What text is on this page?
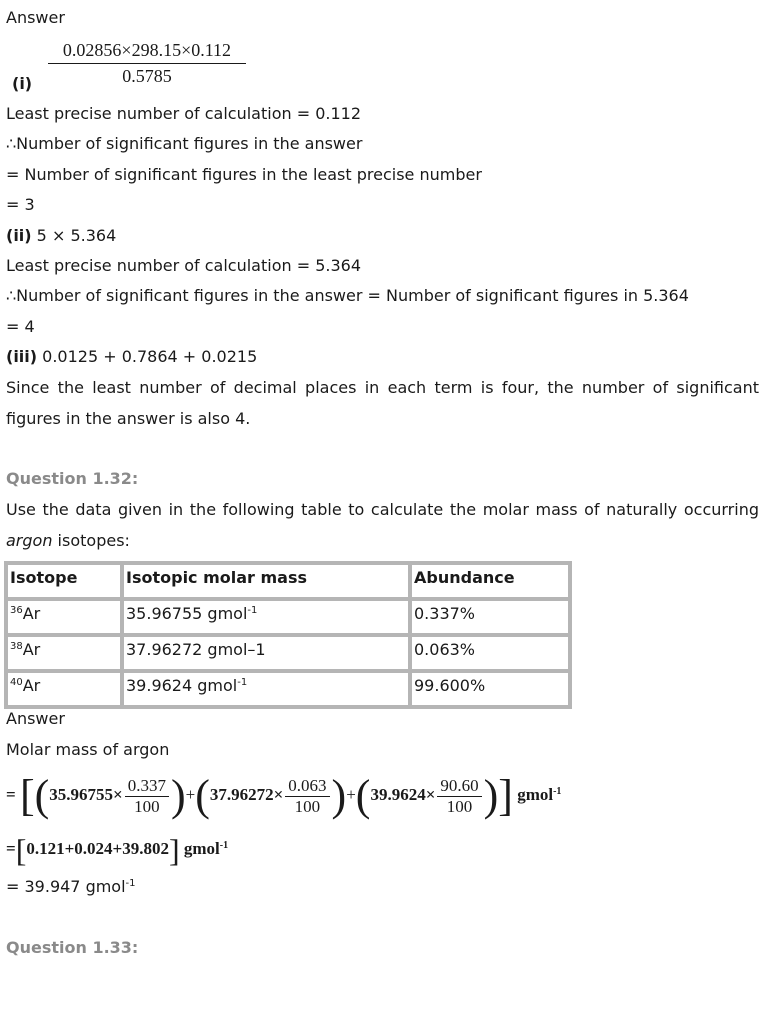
Answer
$\frac{0.02856\times 298.15\times 0.112}{0.5785}$
(i)
Least precise number of calculation = 0.112
∴Number of significant figures in the answer
= Number of significant figures in the least precise number
= 3
(ii) 5 × 5.364
Least precise number of calculation = 5.364
∴Number of significant figures in the answer = Number of significant figures in 5.364
= 4
(iii) 0.0125 + 0.7864 + 0.0215
Since the least number of decimal places in each term is four, the number of significant figures in the answer is also 4.
Question 1.32:
Use the data given in the following table to calculate the molar mass of naturally occurring argon isotopes:
Isotope	Isotopic molar mass	Abundance
$^{36}$Ar	35.96755 gmol$^{-1}$	0.337%
$^{38}$Ar	37.96272 gmol–1	0.063%
$^{40}$Ar	39.9624 gmol$^{-1}$	99.600%
Answer
Molar mass of argon
= [$(35.96755\times \frac{0.337}{100} )+(37.96272\times \frac{0.063}{100} )+(39.9624\times \frac{90.60}{100}$ )] gmol$^{-1}$
=[0.121+0.024+39.802] gmol$^{-1}$
= 39.947 gmol$^{-1}$
Question 1.33:
